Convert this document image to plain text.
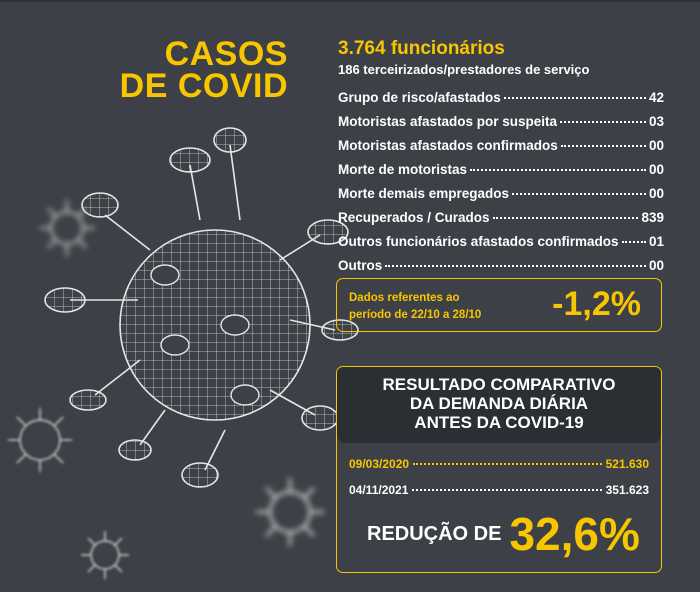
CASOS
DE COVID
3.764 funcionários
186 terceirizados/prestadores de serviço
Grupo de risco/afastados	42
Motoristas afastados por suspeita	03
Motoristas afastados confirmados	00
Morte de motoristas	00
Morte demais empregados	00
Recuperados / Curados	839
Outros funcionários afastados confirmados 01
Outros	00
Dados referentes ao
período de 22/10 a 28/10 -1,2%
RESULTADO COMPARATIVO
DA DEMANDA DIÁRIA
ANTES DA COVID-19
09/03/2020	521.630
04/11/2021	351.623
REDUÇÃO DE 32,6%
